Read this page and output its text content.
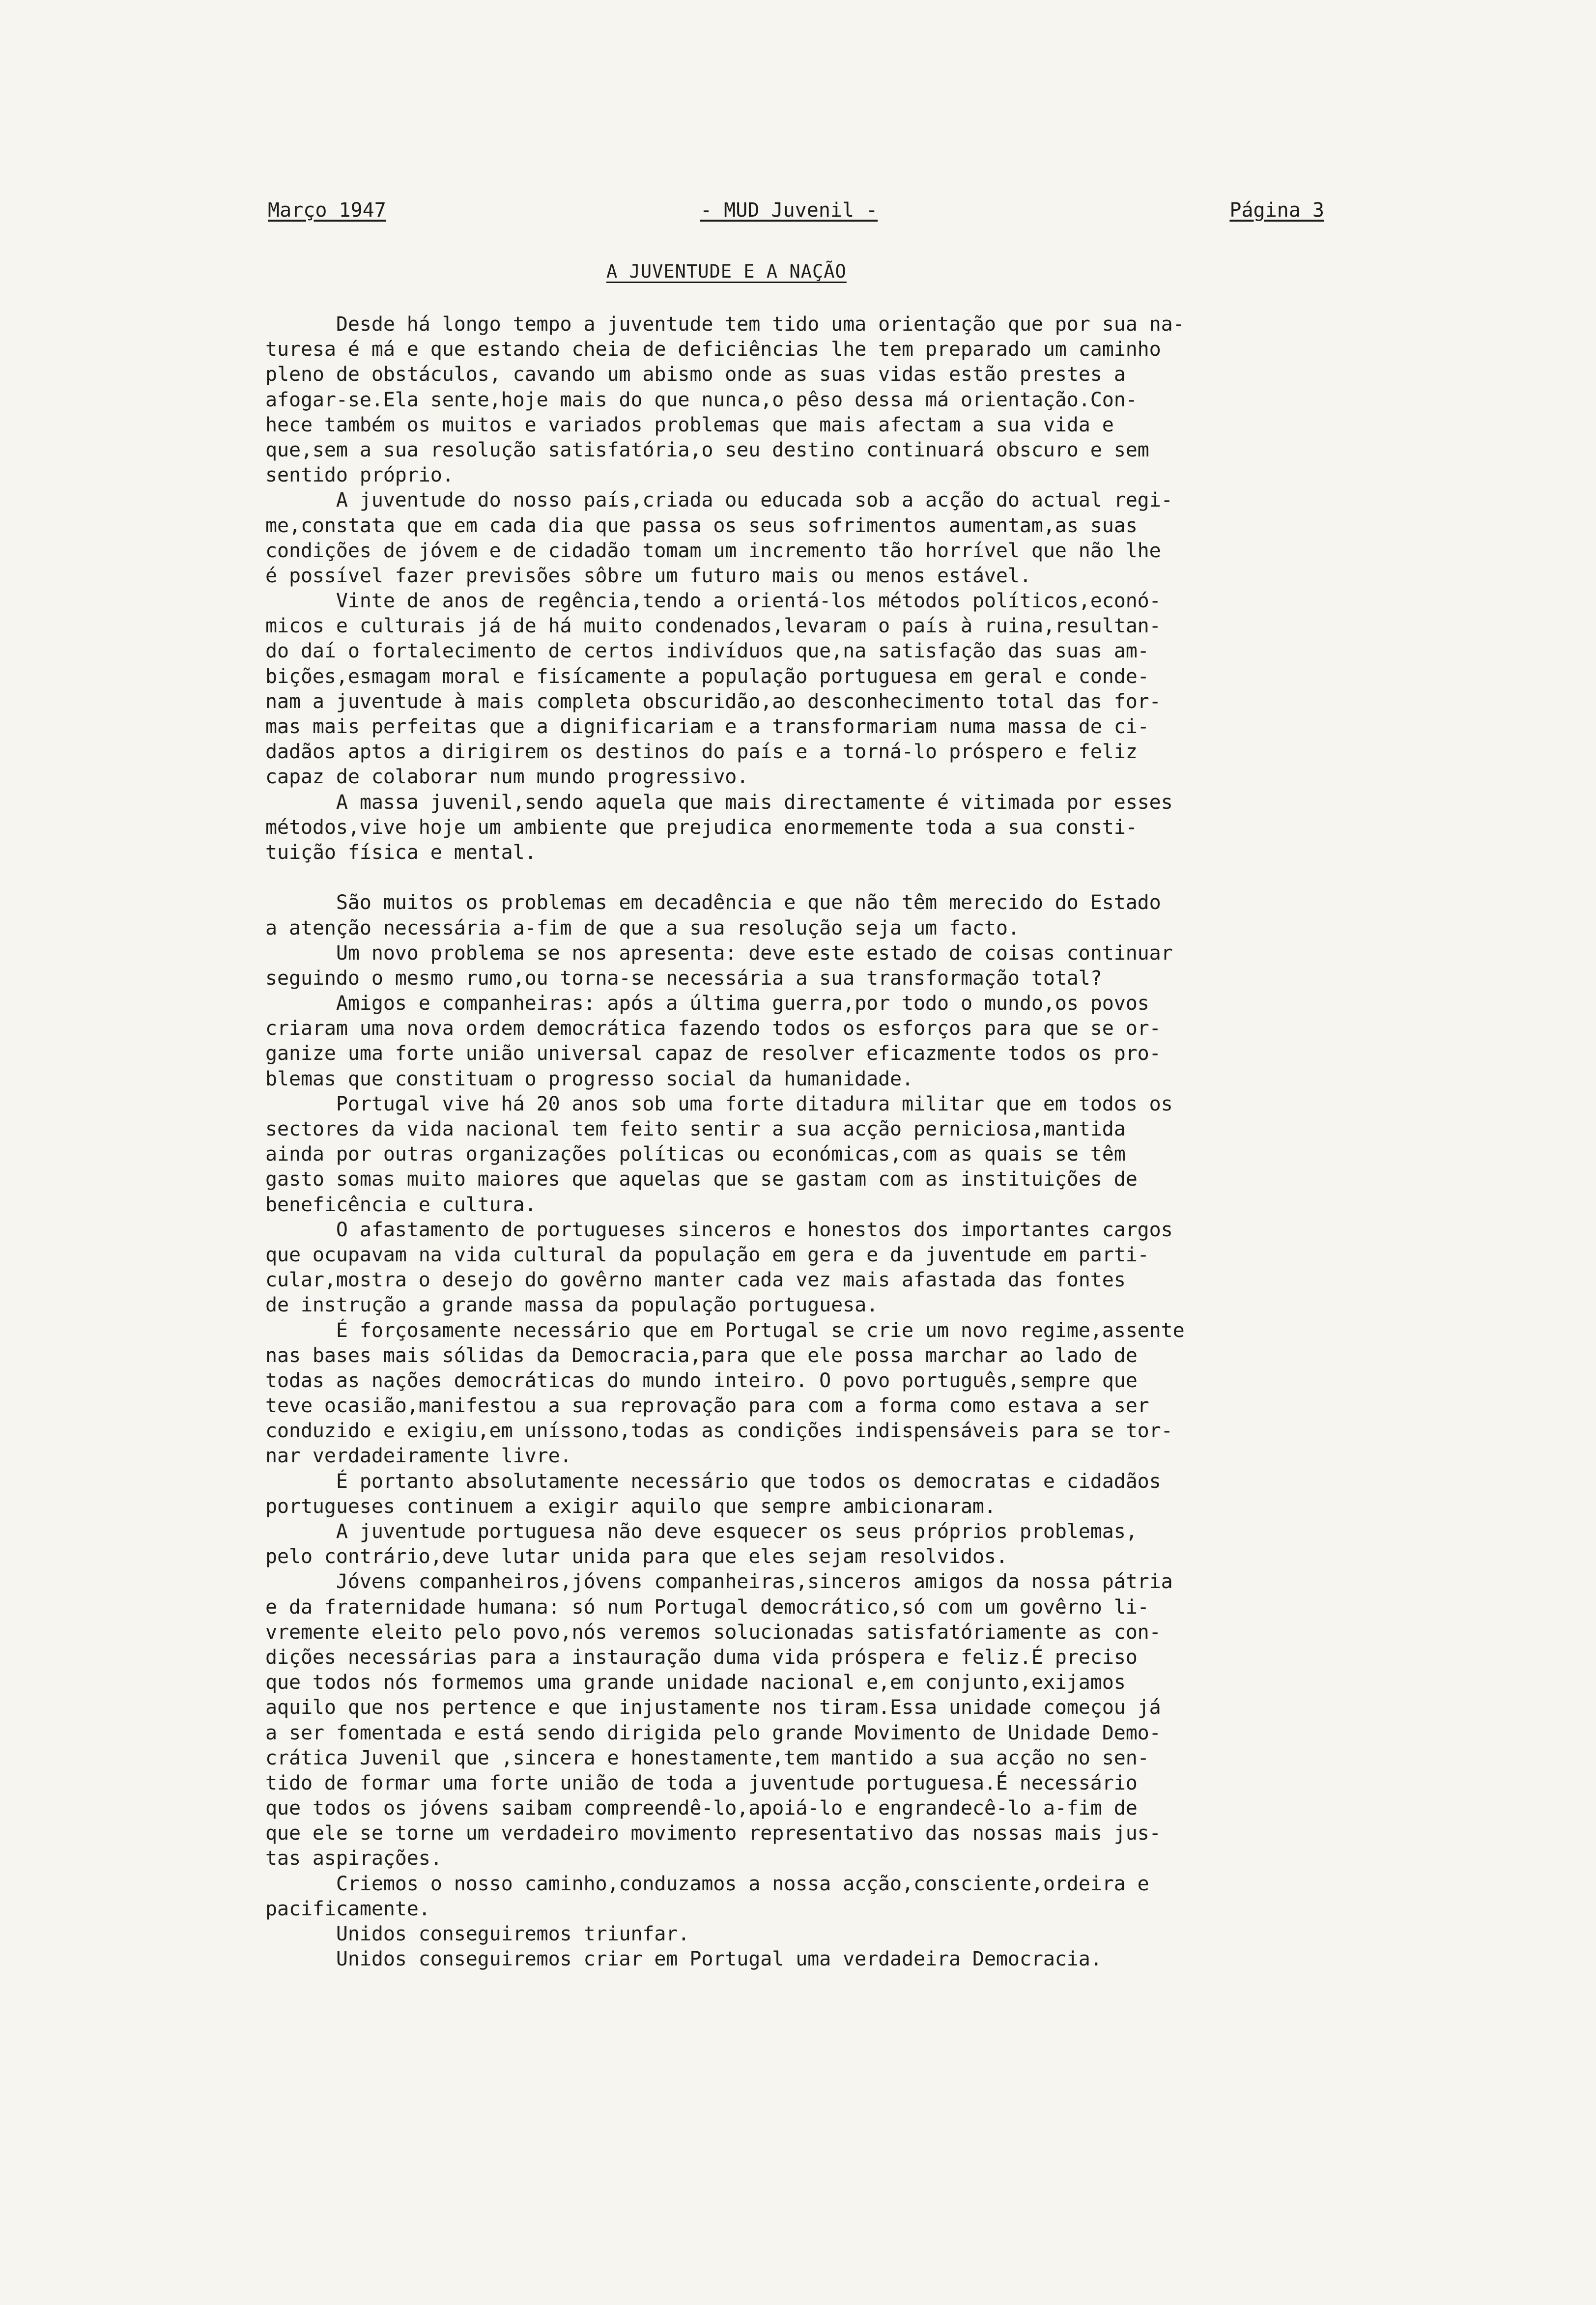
Março 1947	- MUD Juvenil -	Página 3
A JUVENTUDE E A NAÇÃO
Desde há longo tempo a juventude tem tido uma orientação que por sua na-
turesa é má e que estando cheia de deficiências lhe tem preparado um caminho
pleno de obstáculos, cavando um abismo onde as suas vidas estão prestes a
afogar-se.Ela sente,hoje mais do que nunca,o pêso dessa má orientação.Con-
hece também os muitos e variados problemas que mais afectam a sua vida e
que,sem a sua resolução satisfatória,o seu destino continuará obscuro e sem
sentido próprio.
A juventude do nosso país,criada ou educada sob a acção do actual regi-
me,constata que em cada dia que passa os seus sofrimentos aumentam,as suas
condições de jóvem e de cidadão tomam um incremento tão horrível que não lhe
é possível fazer previsões sôbre um futuro mais ou menos estável.
Vinte de anos de regência,tendo a orientá-los métodos políticos,econó-
micos e culturais já de há muito condenados,levaram o país à ruina,resultan-
do daí o fortalecimento de certos indivíduos que,na satisfação das suas am-
bições,esmagam moral e fisícamente a população portuguesa em geral e conde-
nam a juventude à mais completa obscuridão,ao desconhecimento total das for-
mas mais perfeitas que a dignificariam e a transformariam numa massa de ci-
dadãos aptos a dirigirem os destinos do país e a torná-lo próspero e feliz
capaz de colaborar num mundo progressivo.
A massa juvenil,sendo aquela que mais directamente é vitimada por esses
métodos,vive hoje um ambiente que prejudica enormemente toda a sua consti-
tuição física e mental.
São muitos os problemas em decadência e que não têm merecido do Estado
a atenção necessária a-fim de que a sua resolução seja um facto.
Um novo problema se nos apresenta: deve este estado de coisas continuar
seguindo o mesmo rumo,ou torna-se necessária a sua transformação total?
Amigos e companheiras: após a última guerra,por todo o mundo,os povos
criaram uma nova ordem democrática fazendo todos os esforços para que se or-
ganize uma forte união universal capaz de resolver eficazmente todos os pro-
blemas que constituam o progresso social da humanidade.
Portugal vive há 20 anos sob uma forte ditadura militar que em todos os
sectores da vida nacional tem feito sentir a sua acção perniciosa,mantida
ainda por outras organizações políticas ou económicas,com as quais se têm
gasto somas muito maiores que aquelas que se gastam com as instituições de
beneficência e cultura.
O afastamento de portugueses sinceros e honestos dos importantes cargos
que ocupavam na vida cultural da população em gera e da juventude em parti-
cular,mostra o desejo do govêrno manter cada vez mais afastada das fontes
de instrução a grande massa da população portuguesa.
É forçosamente necessário que em Portugal se crie um novo regime,assente
nas bases mais sólidas da Democracia,para que ele possa marchar ao lado de
todas as nações democráticas do mundo inteiro. O povo português,sempre que
teve ocasião,manifestou a sua reprovação para com a forma como estava a ser
conduzido e exigiu,em uníssono,todas as condições indispensáveis para se tor-
nar verdadeiramente livre.
É portanto absolutamente necessário que todos os democratas e cidadãos
portugueses continuem a exigir aquilo que sempre ambicionaram.
A juventude portuguesa não deve esquecer os seus próprios problemas,
pelo contrário,deve lutar unida para que eles sejam resolvidos.
Jóvens companheiros,jóvens companheiras,sinceros amigos da nossa pátria
e da fraternidade humana: só num Portugal democrático,só com um govêrno li-
vremente eleito pelo povo,nós veremos solucionadas satisfatóriamente as con-
dições necessárias para a instauração duma vida próspera e feliz.É preciso
que todos nós formemos uma grande unidade nacional e,em conjunto,exijamos
aquilo que nos pertence e que injustamente nos tiram.Essa unidade começou já
a ser fomentada e está sendo dirigida pelo grande Movimento de Unidade Demo-
crática Juvenil que ,sincera e honestamente,tem mantido a sua acção no sen-
tido de formar uma forte união de toda a juventude portuguesa.É necessário
que todos os jóvens saibam compreendê-lo,apoiá-lo e engrandecê-lo a-fim de
que ele se torne um verdadeiro movimento representativo das nossas mais jus-
tas aspirações.
Criemos o nosso caminho,conduzamos a nossa acção,consciente,ordeira e
pacificamente.
Unidos conseguiremos triunfar.
Unidos conseguiremos criar em Portugal uma verdadeira Democracia.
